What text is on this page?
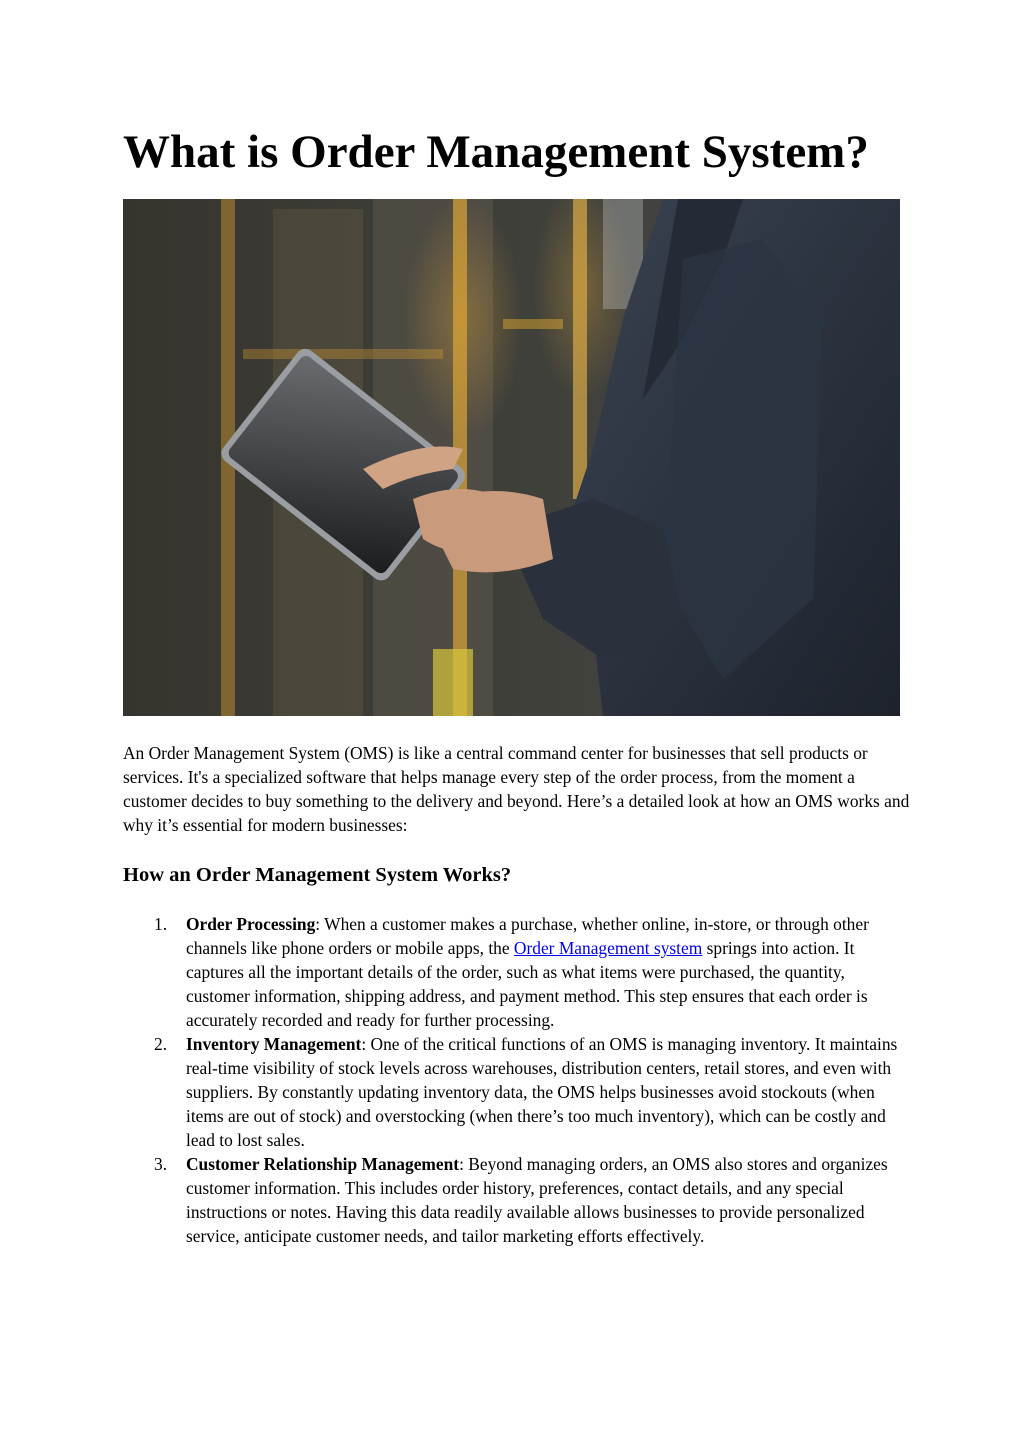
What is Order Management System?

An Order Management System (OMS) is like a central command center for businesses that sell products or services. It's a specialized software that helps manage every step of the order process, from the moment a customer decides to buy something to the delivery and beyond. Here’s a detailed look at how an OMS works and why it’s essential for modern businesses:

How an Order Management System Works?
1. Order Processing: When a customer makes a purchase, whether online, in-store, or through other channels like phone orders or mobile apps, the Order Management system springs into action. It captures all the important details of the order, such as what items were purchased, the quantity, customer information, shipping address, and payment method. This step ensures that each order is accurately recorded and ready for further processing.
2. Inventory Management: One of the critical functions of an OMS is managing inventory. It maintains real-time visibility of stock levels across warehouses, distribution centers, retail stores, and even with suppliers. By constantly updating inventory data, the OMS helps businesses avoid stockouts (when items are out of stock) and overstocking (when there’s too much inventory), which can be costly and lead to lost sales.
3. Customer Relationship Management: Beyond managing orders, an OMS also stores and organizes customer information. This includes order history, preferences, contact details, and any special instructions or notes. Having this data readily available allows businesses to provide personalized service, anticipate customer needs, and tailor marketing efforts effectively.
